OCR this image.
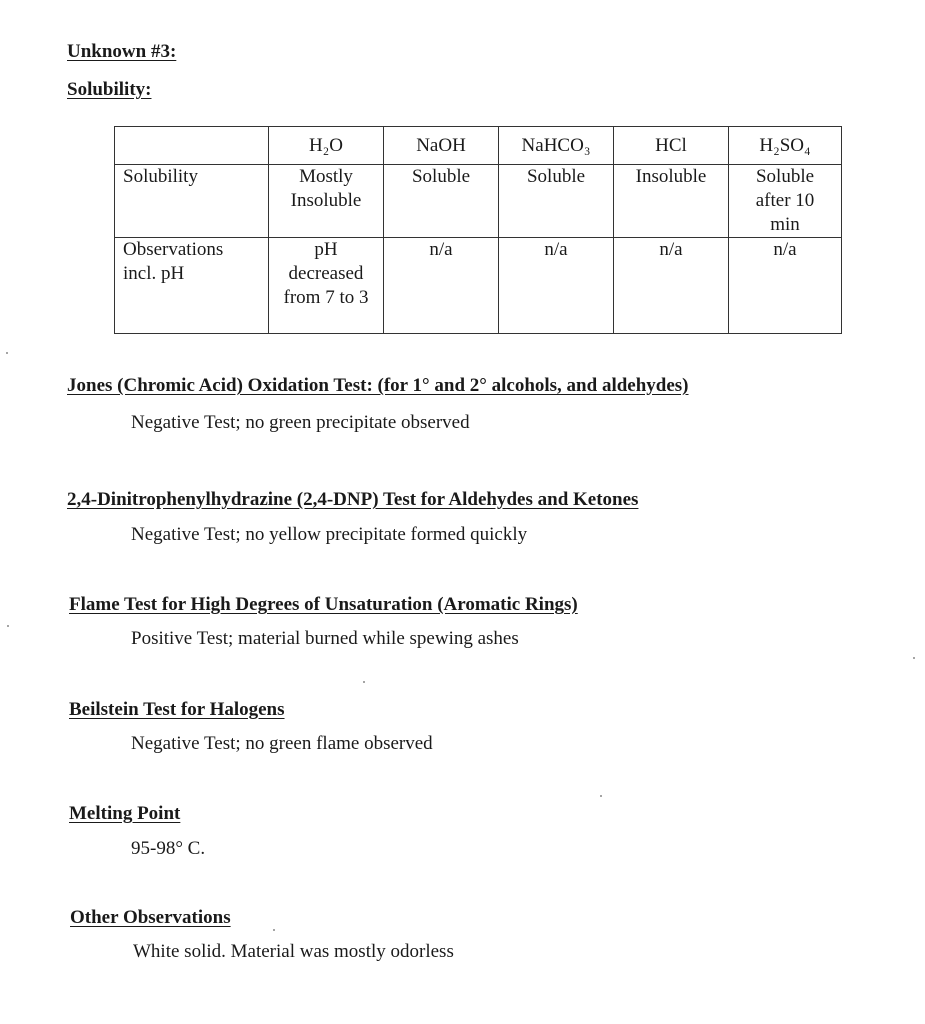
Unknown #3:
Solubility:
	H₂O	NaOH	NaHCO₃	HCl	H₂SO₄
Solubility	Mostly Insoluble	Soluble	Soluble	Insoluble	Soluble after 10 min
Observations incl. pH	pH decreased from 7 to 3	n/a	n/a	n/a	n/a
Jones (Chromic Acid) Oxidation Test: (for 1° and 2° alcohols, and aldehydes)

Negative Test; no green precipitate observed

2,4-Dinitrophenylhydrazine (2,4-DNP) Test for Aldehydes and Ketones

Negative Test; no yellow precipitate formed quickly

Flame Test for High Degrees of Unsaturation (Aromatic Rings)

Positive Test; material burned while spewing ashes

Beilstein Test for Halogens

Negative Test; no green flame observed

Melting Point

95-98° C.

Other Observations

White solid. Material was mostly odorless
